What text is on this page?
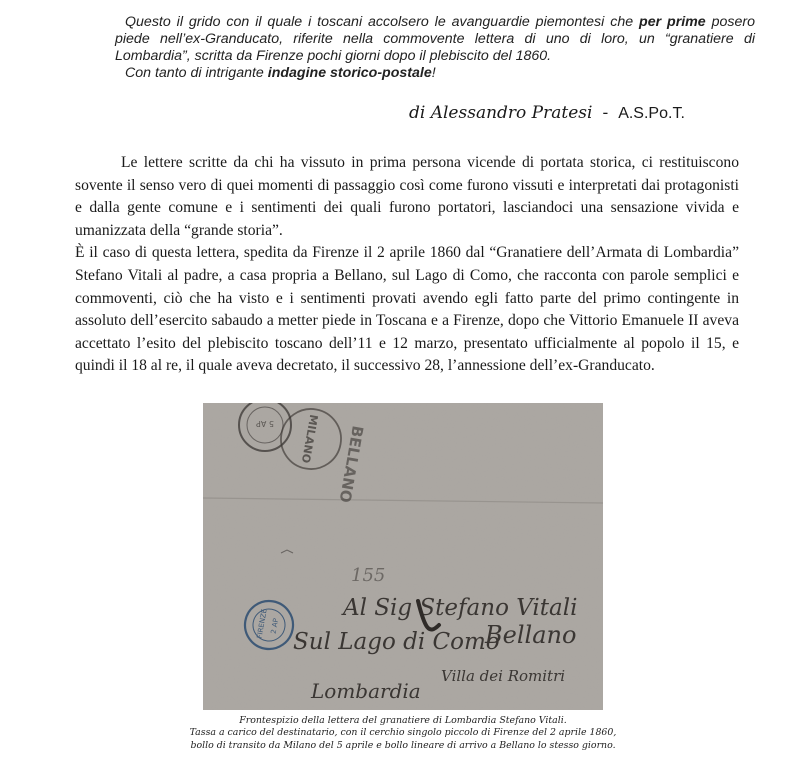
Questo il grido con il quale i toscani accolsero le avanguardie piemontesi che per prime posero piede nell’ex-Granducato, riferite nella commovente lettera di uno di loro, un “granatiere di Lombardia”, scritta da Firenze pochi giorni dopo il plebiscito del 1860.

Con tanto di intrigante indagine storico-postale!

di Alessandro Pratesi - A.S.Po.T.

Le lettere scritte da chi ha vissuto in prima persona vicende di portata storica, ci restituiscono sovente il senso vero di quei momenti di passaggio così come furono vissuti e interpretati dai protagonisti e dalla gente comune e i sentimenti dei quali furono portatori, lasciandoci una sensazione vivida e umanizzata della “grande storia”.

È il caso di questa lettera, spedita da Firenze il 2 aprile 1860 dal “Granatiere dell’Armata di Lombardia” Stefano Vitali al padre, a casa propria a Bellano, sul Lago di Como, che racconta con parole semplici e commoventi, ciò che ha visto e i sentimenti provati avendo egli fatto parte del primo contingente in assoluto dell’esercito sabaudo a metter piede in Toscana e a Firenze, dopo che Vittorio Emanuele II aveva accettato l’esito del plebiscito toscano dell’11 e 12 marzo, presentato ufficialmente al popolo il 15, e quindi il 18 al re, il quale aveva decretato, il successivo 28, l’annessione dell’ex-Granducato.

5 AP MILANO BELLANO
FIRENZE 2 AP
155
Al Sig Stefano Vitali
Sul Lago di Como
Bellano
Villa dei Romitri
Lombardia
Frontespizio della lettera del granatiere di Lombardia Stefano Vitali.
Tassa a carico del destinatario, con il cerchio singolo piccolo di Firenze del 2 aprile 1860,
bollo di transito da Milano del 5 aprile e bollo lineare di arrivo a Bellano lo stesso giorno.
